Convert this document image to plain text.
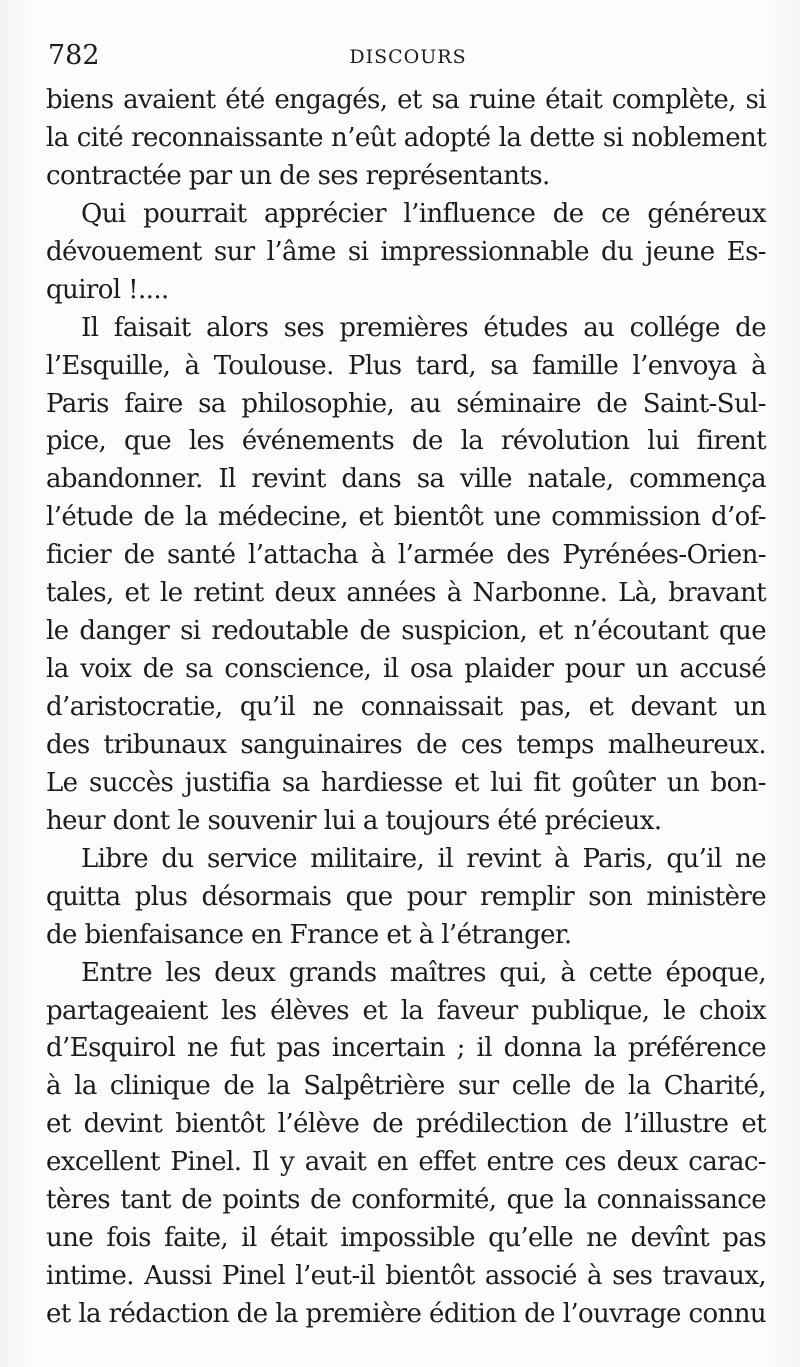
782	DISCOURS
biens avaient été engagés, et sa ruine était complète, si
la cité reconnaissante n’eût adopté la dette si noblement
contractée par un de ses représentants.
Qui pourrait apprécier l’influence de ce généreux
dévouement sur l’âme si impressionnable du jeune Es-
quirol !....
Il faisait alors ses premières études au collége de
l’Esquille, à Toulouse. Plus tard, sa famille l’envoya à
Paris faire sa philosophie, au séminaire de Saint-Sul-
pice, que les événements de la révolution lui firent
abandonner. Il revint dans sa ville natale, commença
l’étude de la médecine, et bientôt une commission d’of-
ficier de santé l’attacha à l’armée des Pyrénées-Orien-
tales, et le retint deux années à Narbonne. Là, bravant
le danger si redoutable de suspicion, et n’écoutant que
la voix de sa conscience, il osa plaider pour un accusé
d’aristocratie, qu’il ne connaissait pas, et devant un
des tribunaux sanguinaires de ces temps malheureux.
Le succès justifia sa hardiesse et lui fit goûter un bon-
heur dont le souvenir lui a toujours été précieux.
Libre du service militaire, il revint à Paris, qu’il ne
quitta plus désormais que pour remplir son ministère
de bienfaisance en France et à l’étranger.
Entre les deux grands maîtres qui, à cette époque,
partageaient les élèves et la faveur publique, le choix
d’Esquirol ne fut pas incertain ; il donna la préférence
à la clinique de la Salpêtrière sur celle de la Charité,
et devint bientôt l’élève de prédilection de l’illustre et
excellent Pinel. Il y avait en effet entre ces deux carac-
tères tant de points de conformité, que la connaissance
une fois faite, il était impossible qu’elle ne devînt pas
intime. Aussi Pinel l’eut-il bientôt associé à ses travaux,
et la rédaction de la première édition de l’ouvrage connu
